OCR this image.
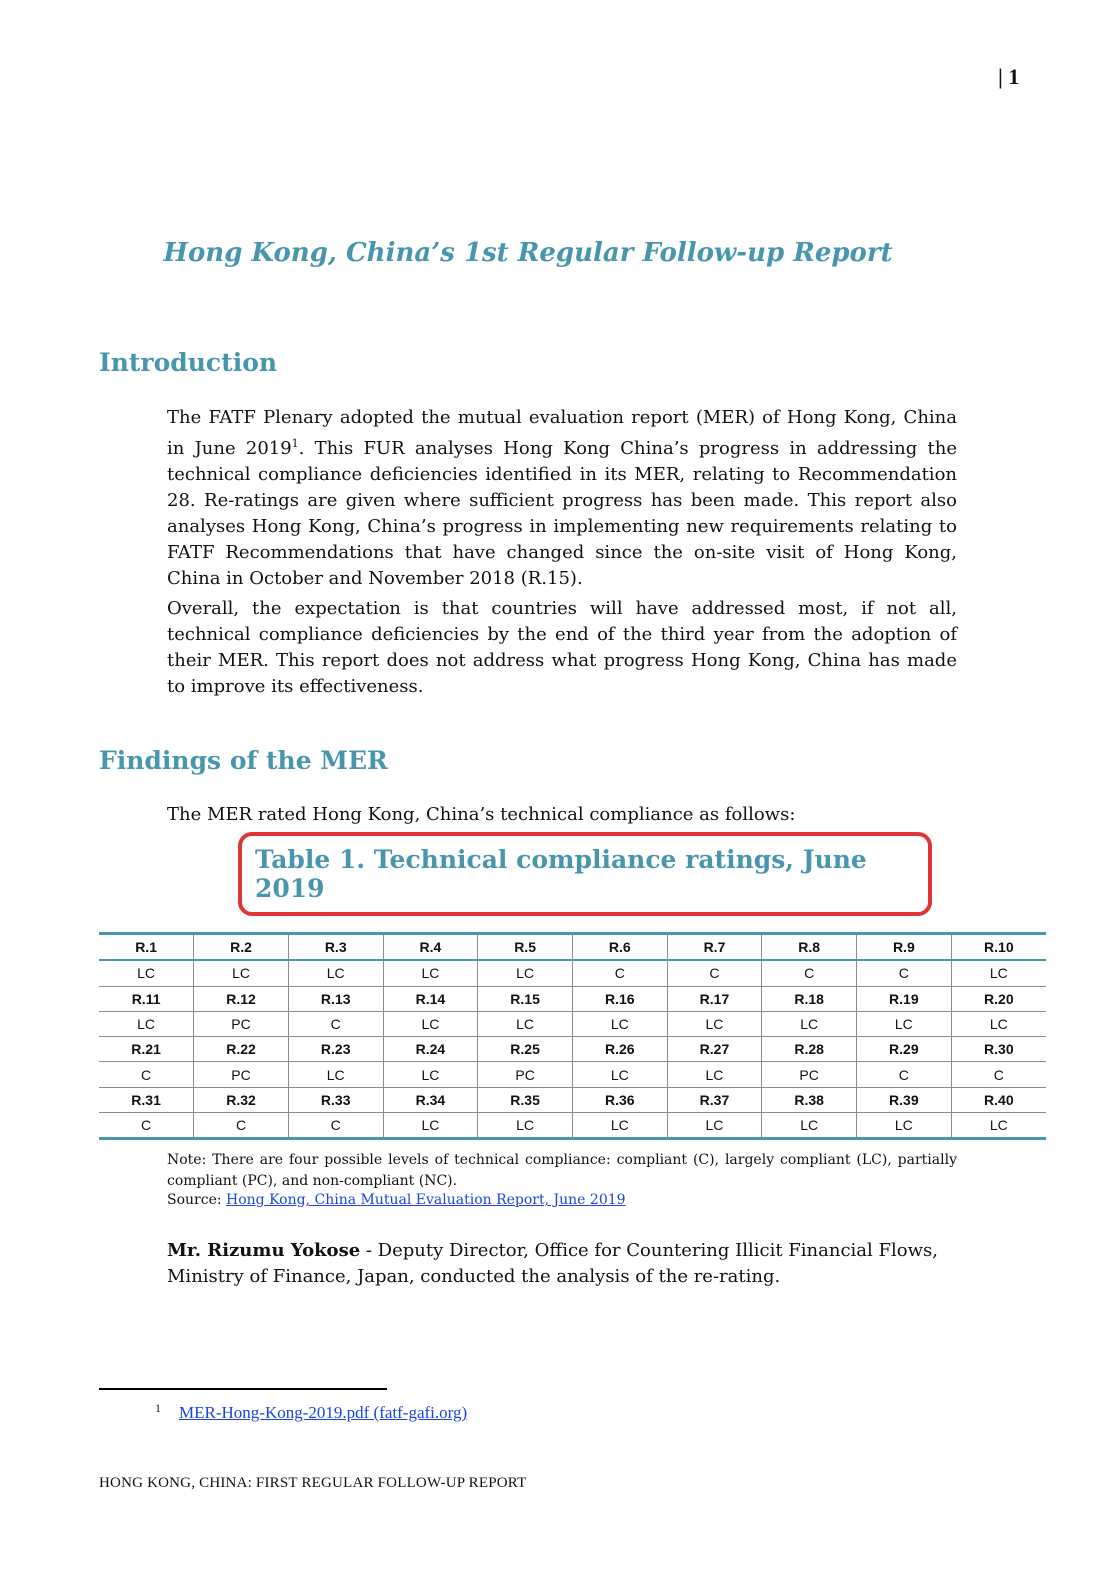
| 1
Hong Kong, China’s 1st Regular Follow-up Report
Introduction

The FATF Plenary adopted the mutual evaluation report (MER) of Hong Kong, China in June 2019$^1$. This FUR analyses Hong Kong China’s progress in addressing the technical compliance deficiencies identified in its MER, relating to Recommendation 28. Re-ratings are given where sufficient progress has been made. This report also analyses Hong Kong, China’s progress in implementing new requirements relating to FATF Recommendations that have changed since the on-site visit of Hong Kong, China in October and November 2018 (R.15).

Overall, the expectation is that countries will have addressed most, if not all, technical compliance deficiencies by the end of the third year from the adoption of their MER. This report does not address what progress Hong Kong, China has made to improve its effectiveness.

Findings of the MER

The MER rated Hong Kong, China’s technical compliance as follows:

Table 1. Technical compliance ratings, June 2019
R.1	R.2	R.3	R.4	R.5	R.6	R.7	R.8	R.9	R.10
LC	LC	LC	LC	LC	C	C	C	C	LC
R.11	R.12	R.13	R.14	R.15	R.16	R.17	R.18	R.19	R.20
LC	PC	C	LC	LC	LC	LC	LC	LC	LC
R.21	R.22	R.23	R.24	R.25	R.26	R.27	R.28	R.29	R.30
C	PC	LC	LC	PC	LC	LC	PC	C	C
R.31	R.32	R.33	R.34	R.35	R.36	R.37	R.38	R.39	R.40
C	C	C	LC	LC	LC	LC	LC	LC	LC

Note: There are four possible levels of technical compliance: compliant (C), largely compliant (LC), partially compliant (PC), and non-compliant (NC).

Source: Hong Kong, China Mutual Evaluation Report, June 2019

Mr. Rizumu Yokose - Deputy Director, Office for Countering Illicit Financial Flows, Ministry of Finance, Japan, conducted the analysis of the re-rating.

$^1$ MER-Hong-Kong-2019.pdf (fatf-gafi.org)
HONG KONG, CHINA: FIRST REGULAR FOLLOW-UP REPORT
